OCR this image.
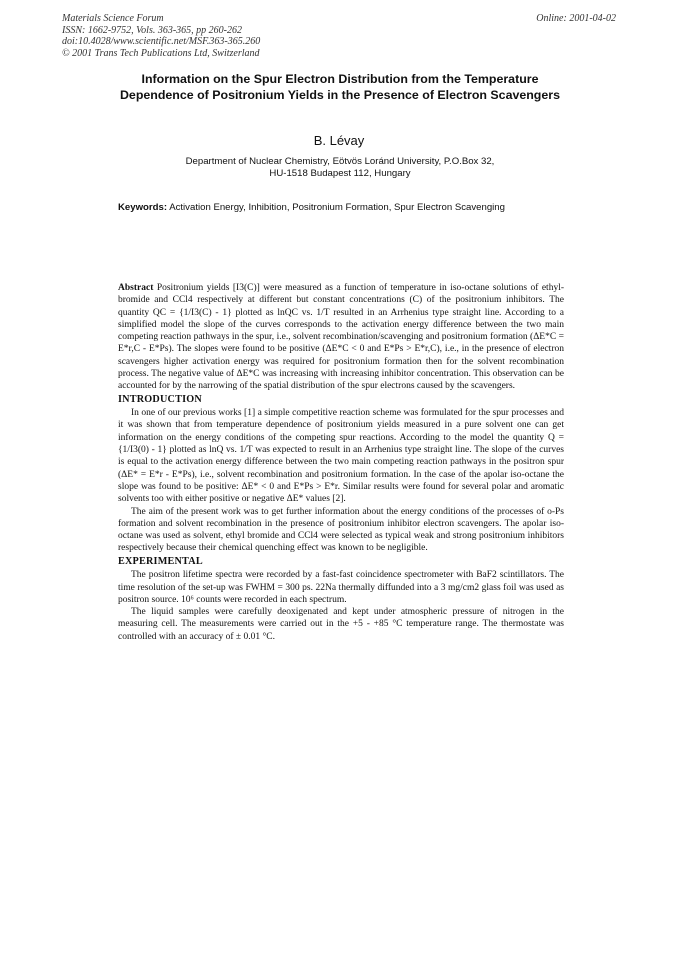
Materials Science Forum
ISSN: 1662-9752, Vols. 363-365, pp 260-262
doi:10.4028/www.scientific.net/MSF.363-365.260
© 2001 Trans Tech Publications Ltd, Switzerland
Online: 2001-04-02
Information on the Spur Electron Distribution from the Temperature Dependence of Positronium Yields in the Presence of Electron Scavengers
B. Lévay
Department of Nuclear Chemistry, Eötvös Loránd University, P.O.Box 32,
HU-1518 Budapest 112, Hungary
Keywords: Activation Energy, Inhibition, Positronium Formation, Spur Electron Scavenging

Abstract Positronium yields [I3(C)] were measured as a function of temperature in iso-octane solutions of ethyl-bromide and CCl4 respectively at different but constant concentrations (C) of the positronium inhibitors. The quantity QC = {1/I3(C) - 1} plotted as lnQC vs. 1/T resulted in an Arrhenius type straight line. According to a simplified model the slope of the curves corresponds to the activation energy difference between the two main competing reaction pathways in the spur, i.e., solvent recombination/scavenging and positronium formation (ΔE*C = E*r,C - E*Ps). The slopes were found to be positive (ΔE*C < 0 and E*Ps > E*r,C), i.e., in the presence of electron scavengers higher activation energy was required for positronium formation then for the solvent recombination process. The negative value of ΔE*C was increasing with increasing inhibitor concentration. This observation can be accounted for by the narrowing of the spatial distribution of the spur electrons caused by the scavengers.

INTRODUCTION

In one of our previous works [1] a simple competitive reaction scheme was formulated for the spur processes and it was shown that from temperature dependence of positronium yields measured in a pure solvent one can get information on the energy conditions of the competing spur reactions. According to the model the quantity Q = {1/I3(0) - 1} plotted as lnQ vs. 1/T was expected to result in an Arrhenius type straight line. The slope of the curves is equal to the activation energy difference between the two main competing reaction pathways in the positron spur (ΔE* = E*r - E*Ps), i.e., solvent recombination and positronium formation. In the case of the apolar iso-octane the slope was found to be positive: ΔE* < 0 and E*Ps > E*r. Similar results were found for several polar and aromatic solvents too with either positive or negative ΔE* values [2].

The aim of the present work was to get further information about the energy conditions of the processes of o-Ps formation and solvent recombination in the presence of positronium inhibitor electron scavengers. The apolar iso-octane was used as solvent, ethyl bromide and CCl4 were selected as typical weak and strong positronium inhibitors respectively because their chemical quenching effect was known to be negligible.

EXPERIMENTAL

The positron lifetime spectra were recorded by a fast-fast coincidence spectrometer with BaF2 scintillators. The time resolution of the set-up was FWHM = 300 ps. 22Na thermally diffunded into a 3 mg/cm2 glass foil was used as positron source. 10⁶ counts were recorded in each spectrum.

The liquid samples were carefully deoxigenated and kept under atmospheric pressure of nitrogen in the measuring cell. The measurements were carried out in the +5 - +85 °C temperature range. The thermostate was controlled with an accuracy of ± 0.01 °C.
